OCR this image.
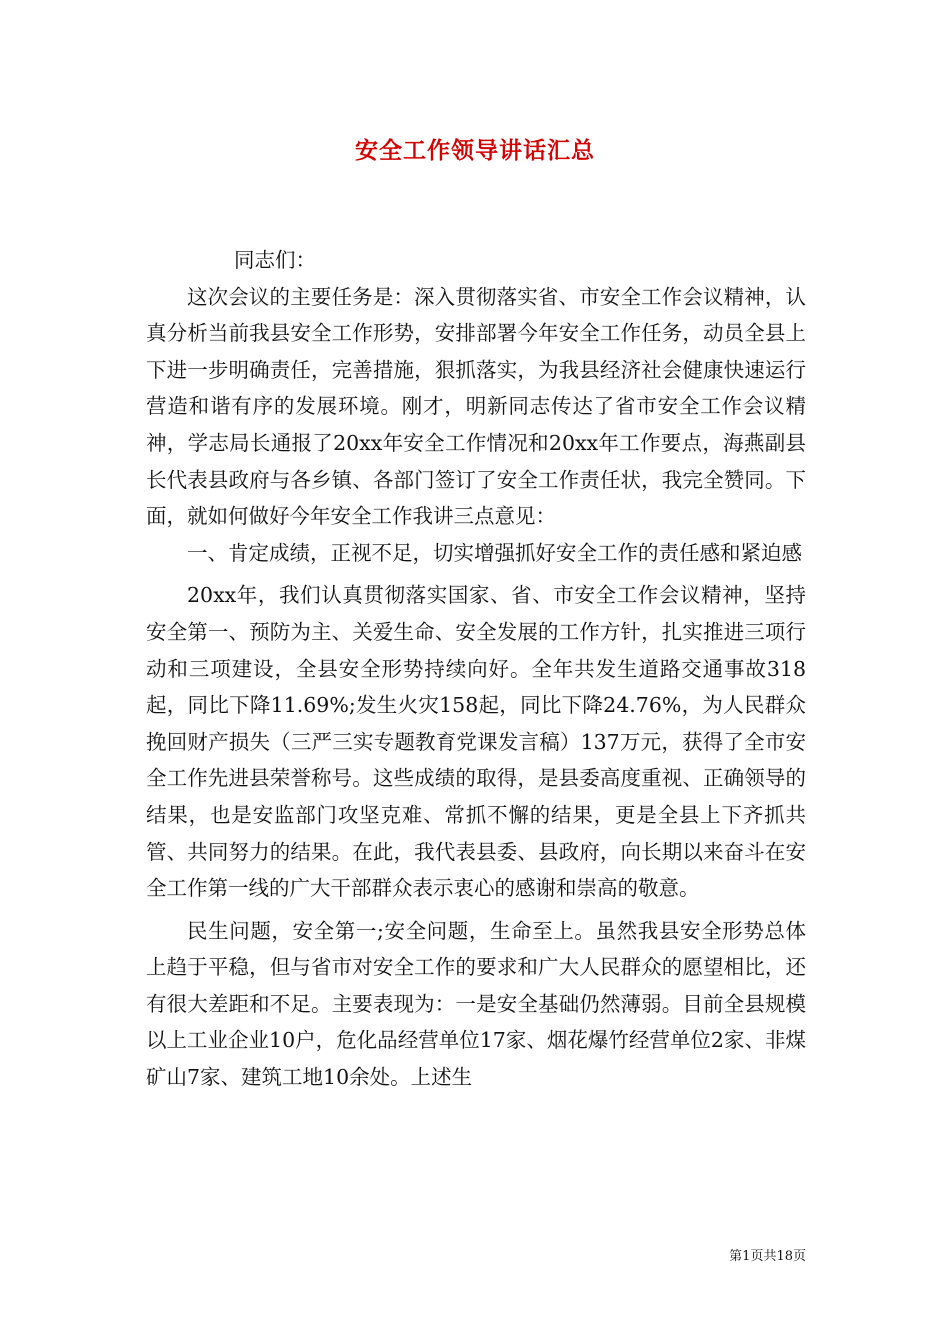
安全工作领导讲话汇总

同志们：

这次会议的主要任务是：深入贯彻落实省、市安全工作会议精神，认真分析当前我县安全工作形势，安排部署今年安全工作任务，动员全县上下进一步明确责任，完善措施，狠抓落实，为我县经济社会健康快速运行营造和谐有序的发展环境。刚才，明新同志传达了省市安全工作会议精神，学志局长通报了20xx年安全工作情况和20xx年工作要点，海燕副县长代表县政府与各乡镇、各部门签订了安全工作责任状，我完全赞同。下面，就如何做好今年安全工作我讲三点意见：

一、肯定成绩，正视不足，切实增强抓好安全工作的责任感和紧迫感

20xx年，我们认真贯彻落实国家、省、市安全工作会议精神，坚持安全第一、预防为主、关爱生命、安全发展的工作方针，扎实推进三项行动和三项建设，全县安全形势持续向好。全年共发生道路交通事故318起，同比下降11.69%;发生火灾158起，同比下降24.76%，为人民群众挽回财产损失（三严三实专题教育党课发言稿）137万元，获得了全市安全工作先进县荣誉称号。这些成绩的取得，是县委高度重视、正确领导的结果，也是安监部门攻坚克难、常抓不懈的结果，更是全县上下齐抓共管、共同努力的结果。在此，我代表县委、县政府，向长期以来奋斗在安全工作第一线的广大干部群众表示衷心的感谢和崇高的敬意。

民生问题，安全第一;安全问题，生命至上。虽然我县安全形势总体上趋于平稳，但与省市对安全工作的要求和广大人民群众的愿望相比，还有很大差距和不足。主要表现为：一是安全基础仍然薄弱。目前全县规模以上工业企业10户，危化品经营单位17家、烟花爆竹经营单位2家、非煤矿山7家、建筑工地10余处。上述生

第1页共18页
